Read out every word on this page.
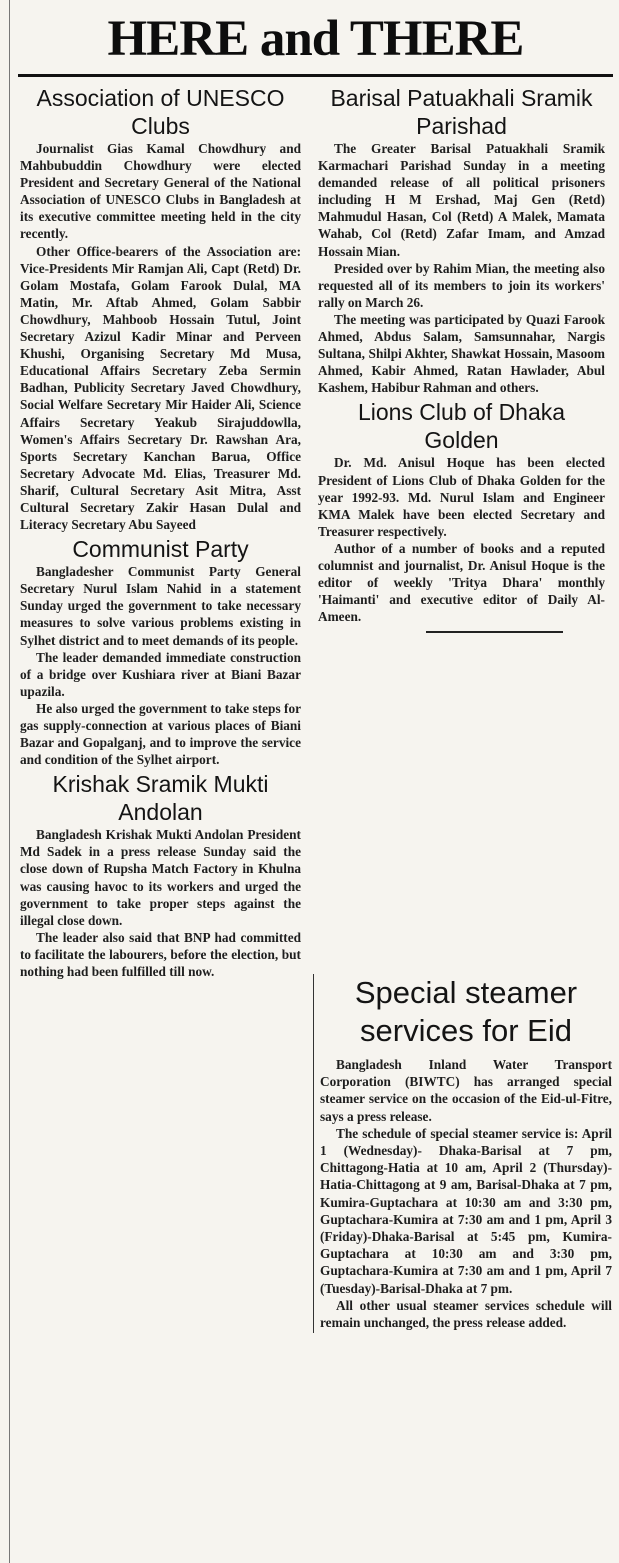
HERE and THERE
Association of UNESCO Clubs

Journalist Gias Kamal Chowdhury and Mahbubuddin Chowdhury were elected President and Secretary General of the National Association of UNESCO Clubs in Bangladesh at its executive committee meeting held in the city recently.

Other Office-bearers of the Association are: Vice-Presidents Mir Ramjan Ali, Capt (Retd) Dr. Golam Mostafa, Golam Farook Dulal, MA Matin, Mr. Aftab Ahmed, Golam Sabbir Chowdhury, Mahboob Hossain Tutul, Joint Secretary Azizul Kadir Minar and Perveen Khushi, Organising Secretary Md Musa, Educational Affairs Secretary Zeba Sermin Badhan, Publicity Secretary Javed Chowdhury, Social Welfare Secretary Mir Haider Ali, Science Affairs Secretary Yeakub Sirajuddowlla, Women's Affairs Secretary Dr. Rawshan Ara, Sports Secretary Kanchan Barua, Office Secretary Advocate Md. Elias, Treasurer Md. Sharif, Cultural Secretary Asit Mitra, Asst Cultural Secretary Zakir Hasan Dulal and Literacy Secretary Abu Sayeed

Communist Party

Bangladesher Communist Party General Secretary Nurul Islam Nahid in a statement Sunday urged the government to take necessary measures to solve various problems existing in Sylhet district and to meet demands of its people.

The leader demanded immediate construction of a bridge over Kushiara river at Biani Bazar upazila.

He also urged the government to take steps for gas supply-connection at various places of Biani Bazar and Gopalganj, and to improve the service and condition of the Sylhet airport.

Krishak Sramik Mukti Andolan

Bangladesh Krishak Mukti Andolan President Md Sadek in a press release Sunday said the close down of Rupsha Match Factory in Khulna was causing havoc to its workers and urged the government to take proper steps against the illegal close down.

The leader also said that BNP had committed to facilitate the labourers, before the election, but nothing had been fulfilled till now.

Barisal Patuakhali Sramik Parishad

The Greater Barisal Patuakhali Sramik Karmachari Parishad Sunday in a meeting demanded release of all political prisoners including H M Ershad, Maj Gen (Retd) Mahmudul Hasan, Col (Retd) A Malek, Mamata Wahab, Col (Retd) Zafar Imam, and Amzad Hossain Mian.

Presided over by Rahim Mian, the meeting also requested all of its members to join its workers' rally on March 26.

The meeting was participated by Quazi Farook Ahmed, Abdus Salam, Samsunnahar, Nargis Sultana, Shilpi Akhter, Shawkat Hossain, Masoom Ahmed, Kabir Ahmed, Ratan Hawlader, Abul Kashem, Habibur Rahman and others.

Lions Club of Dhaka Golden

Dr. Md. Anisul Hoque has been elected President of Lions Club of Dhaka Golden for the year 1992-93. Md. Nurul Islam and Engineer KMA Malek have been elected Secretary and Treasurer respectively.

Author of a number of books and a reputed columnist and journalist, Dr. Anisul Hoque is the editor of weekly 'Tritya Dhara' monthly 'Haimanti' and executive editor of Daily Al-Ameen.

Special steamer services for Eid

Bangladesh Inland Water Transport Corporation (BIWTC) has arranged special steamer service on the occasion of the Eid-ul-Fitre, says a press release.

The schedule of special steamer service is: April 1 (Wednesday)- Dhaka-Barisal at 7 pm, Chittagong-Hatia at 10 am, April 2 (Thursday)-Hatia-Chittagong at 9 am, Barisal-Dhaka at 7 pm, Kumira-Guptachara at 10:30 am and 3:30 pm, Guptachara-Kumira at 7:30 am and 1 pm, April 3 (Friday)-Dhaka-Barisal at 5:45 pm, Kumira-Guptachara at 10:30 am and 3:30 pm, Guptachara-Kumira at 7:30 am and 1 pm, April 7 (Tuesday)-Barisal-Dhaka at 7 pm.

All other usual steamer services schedule will remain unchanged, the press release added.
